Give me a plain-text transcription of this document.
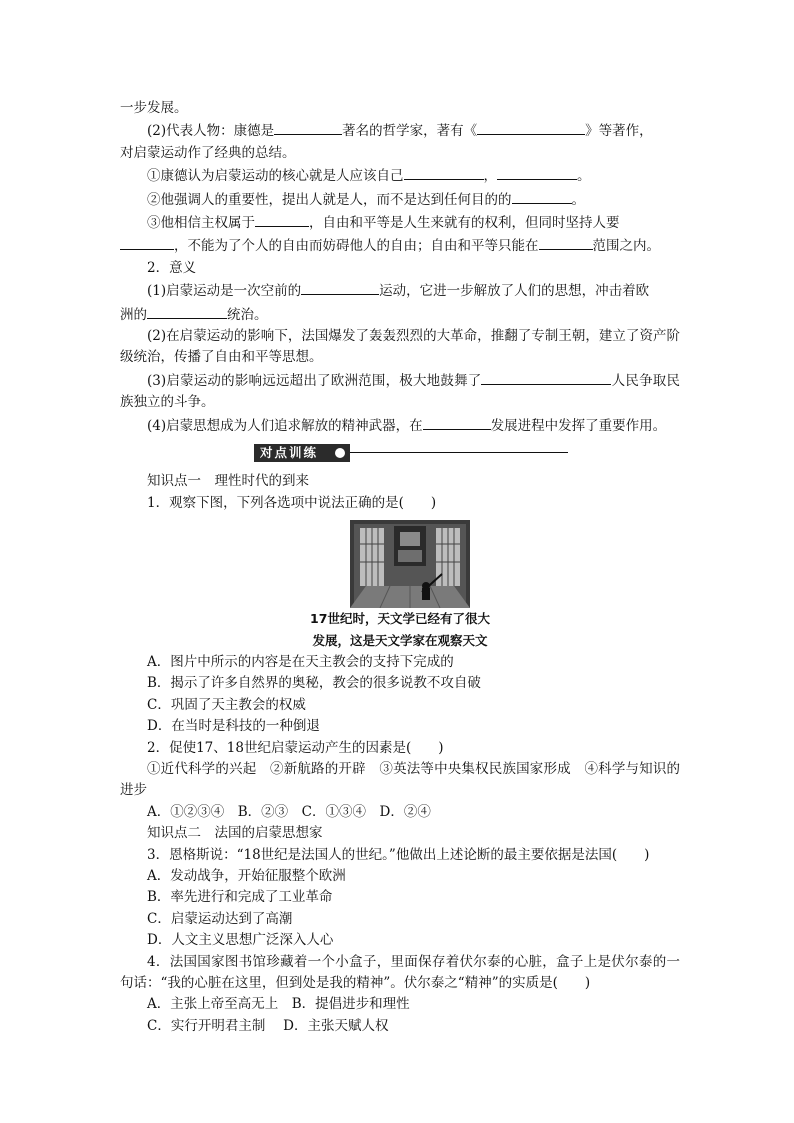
一步发展。

(2)代表人物：康德是	著名的哲学家，著有《	》等著作，

对启蒙运动作了经典的总结。

①康德认为启蒙运动的核心就是人应该自己	，	。

②他强调人的重要性，提出人就是人，而不是达到任何目的的	。

③他相信主权属于	，自由和平等是人生来就有的权利，但同时坚持人要

，不能为了个人的自由而妨碍他人的自由；自由和平等只能在	范围之内。

2．意义

(1)启蒙运动是一次空前的	运动，它进一步解放了人们的思想，冲击着欧

洲的	统治。

(2)在启蒙运动的影响下，法国爆发了轰轰烈烈的大革命，推翻了专制王朝，建立了资产阶级统治，传播了自由和平等思想。

(3)启蒙运动的影响远远超出了欧洲范围，极大地鼓舞了	人民争取民族独立的斗争。

(4)启蒙思想成为人们追求解放的精神武器，在	发展进程中发挥了重要作用。

对点训练

知识点一　理性时代的到来

1．观察下图，下列各选项中说法正确的是(　　)

17世纪时，天文学已经有了很大
发展，这是天文学家在观察天文

A．图片中所示的内容是在天主教会的支持下完成的

B．揭示了许多自然界的奥秘，教会的很多说教不攻自破

C．巩固了天主教会的权威

D．在当时是科技的一种倒退

2．促使17、18世纪启蒙运动产生的因素是(　　)

①近代科学的兴起　②新航路的开辟　③英法等中央集权民族国家形成　④科学与知识的进步

A．①②③④　B．②③　C．①③④　D．②④

知识点二　法国的启蒙思想家

3．恩格斯说：“18世纪是法国人的世纪。”他做出上述论断的最主要依据是法国(　　)

A．发动战争，开始征服整个欧洲

B．率先进行和完成了工业革命

C．启蒙运动达到了高潮

D．人文主义思想广泛深入人心

4．法国国家图书馆珍藏着一个小盒子，里面保存着伏尔泰的心脏，盒子上是伏尔泰的一句话：“我的心脏在这里，但到处是我的精神”。伏尔泰之“精神”的实质是(　　)

A．主张上帝至高无上　B．提倡进步和理性

C．实行开明君主制　 D．主张天赋人权
